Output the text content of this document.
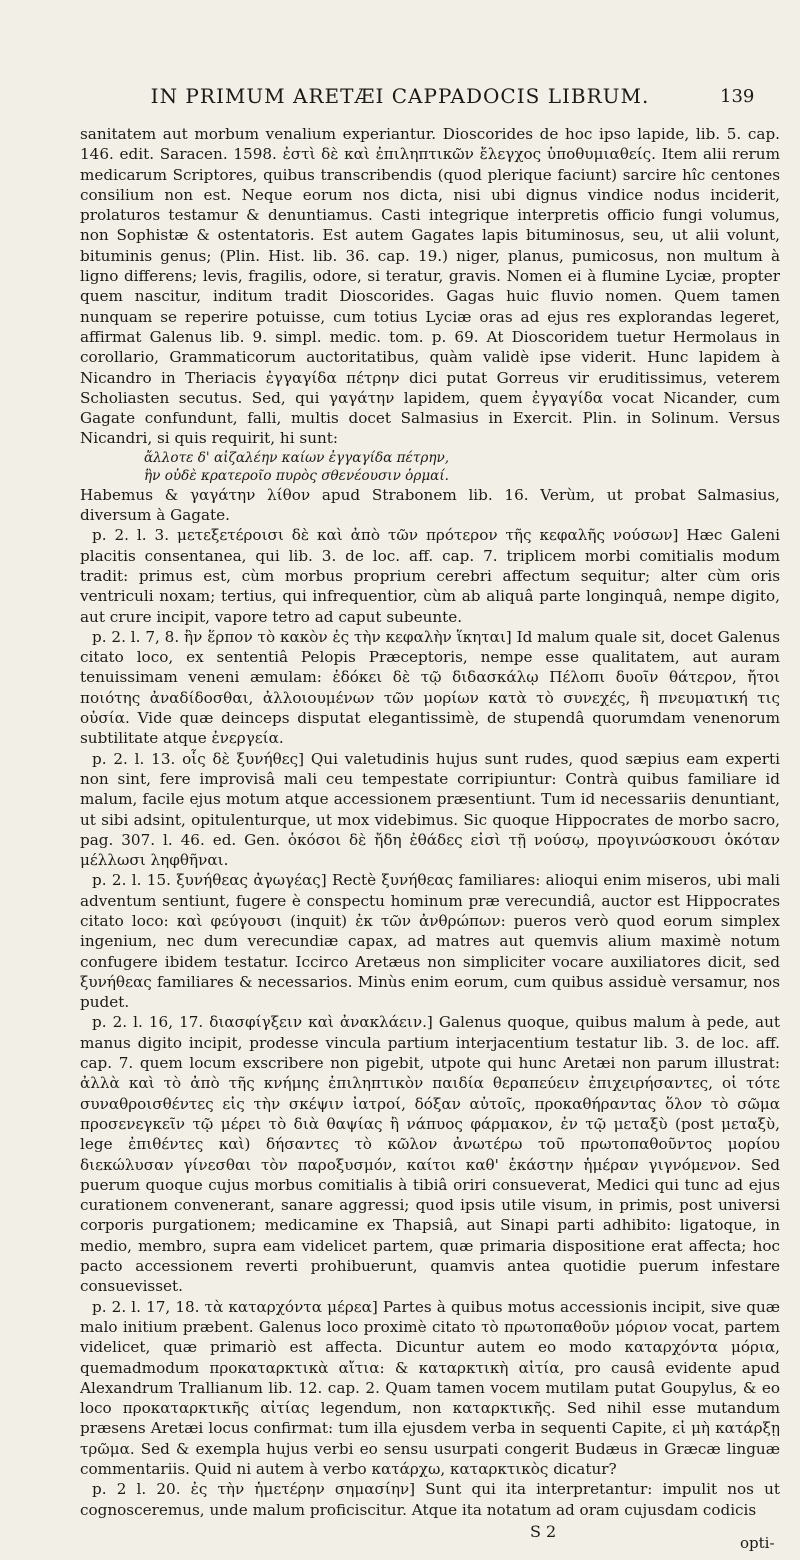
IN PRIMUM ARETÆI CAPPADOCIS LIBRUM.	139

sanitatem aut morbum venalium experiantur. Dioscorides de hoc ipso lapide, lib. 5. cap. 146. edit. Saracen. 1598. ἐστὶ δὲ καὶ ἐπιληπτικῶν ἔλεγχος ὑποθυμιαθείς. Item alii rerum medicarum Scriptores, quibus transcribendis (quod plerique faciunt) sarcire hîc centones consilium non est. Neque eorum nos dicta, nisi ubi dignus vindice nodus inciderit, prolaturos testamur & denuntiamus. Casti integrique interpretis officio fungi volumus, non Sophistæ & ostentatoris. Est autem Gagates lapis bituminosus, seu, ut alii volunt, bituminis genus; (Plin. Hist. lib. 36. cap. 19.) niger, planus, pumicosus, non multum à ligno differens; levis, fragilis, odore, si teratur, gravis. Nomen ei à flumine Lyciæ, propter quem nascitur, inditum tradit Dioscorides. Gagas huic fluvio nomen. Quem tamen nunquam se reperire potuisse, cum totius Lyciæ oras ad ejus res explorandas legeret, affirmat Galenus lib. 9. simpl. medic. tom. p. 69. At Dioscoridem tuetur Hermolaus in corollario, Grammaticorum auctoritatibus, quàm validè ipse viderit. Hunc lapidem à Nicandro in Theriacis ἐγγαγίδα πέτρην dici putat Gorreus vir eruditissimus, veterem Scholiasten secutus. Sed, qui γαγάτην lapidem, quem ἐγγαγίδα vocat Nicander, cum Gagate confundunt, falli, multis docet Salmasius in Exercit. Plin. in Solinum. Versus Nicandri, si quis requirit, hi sunt:

ἄλλοτε δ' αἰζαλέην καίων ἐγγαγίδα πέτρην,

ἣν οὐδὲ κρατεροῖο πυρὸς σθενέουσιν ὁρμαί.

Habemus & γαγάτην λίθον apud Strabonem lib. 16. Verùm, ut probat Salmasius, diversum à Gagate.

p. 2. l. 3. μετεξετέροισι δὲ καὶ ἀπὸ τῶν πρότερον τῆς κεφαλῆς νούσων] Hæc Galeni placitis consentanea, qui lib. 3. de loc. aff. cap. 7. triplicem morbi comitialis modum tradit: primus est, cùm morbus proprium cerebri affectum sequitur; alter cùm oris ventriculi noxam; tertius, qui infrequentior, cùm ab aliquâ parte longinquâ, nempe digito, aut crure incipit, vapore tetro ad caput subeunte.

p. 2. l. 7, 8. ἢν ἕρπον τὸ κακὸν ἐς τὴν κεφαλὴν ἵκηται] Id malum quale sit, docet Galenus citato loco, ex sententiâ Pelopis Præceptoris, nempe esse qualitatem, aut auram tenuissimam veneni æmulam: ἐδόκει δὲ τῷ διδασκάλῳ Πέλοπι δυοῖν θάτερον, ἤτοι ποιότης ἀναδίδοσθαι, ἀλλοιουμένων τῶν μορίων κατὰ τὸ συνεχές, ἢ πνευματική τις οὐσία. Vide quæ deinceps disputat elegantissimè, de stupendâ quorumdam venenorum subtilitate atque ἐνεργεία.

p. 2. l. 13. οἷς δὲ ξυνήθες] Qui valetudinis hujus sunt rudes, quod sæpius eam experti non sint, fere improvisâ mali ceu tempestate corripiuntur: Contrà quibus familiare id malum, facile ejus motum atque accessionem præsentiunt. Tum id necessariis denuntiant, ut sibi adsint, opitulenturque, ut mox videbimus. Sic quoque Hippocrates de morbo sacro, pag. 307. l. 46. ed. Gen. ὁκόσοι δὲ ἤδη ἐθάδες εἰσὶ τῇ νούσῳ, προγινώσκουσι ὁκόταν μέλλωσι ληφθῆναι.

p. 2. l. 15. ξυνήθεας ἀγωγέας] Rectè ξυνήθεας familiares: alioqui enim miseros, ubi mali adventum sentiunt, fugere è conspectu hominum præ verecundiâ, auctor est Hippocrates citato loco: καὶ φεύγουσι (inquit) ἐκ τῶν ἀνθρώπων: pueros verò quod eorum simplex ingenium, nec dum verecundiæ capax, ad matres aut quemvis alium maximè notum confugere ibidem testatur. Iccirco Aretæus non simpliciter vocare auxiliatores dicit, sed ξυνήθεας familiares & necessarios. Minùs enim eorum, cum quibus assiduè versamur, nos pudet.

p. 2. l. 16, 17. διασφίγξειν καὶ ἀνακλάειν.] Galenus quoque, quibus malum à pede, aut manus digito incipit, prodesse vincula partium interjacentium testatur lib. 3. de loc. aff. cap. 7. quem locum exscribere non pigebit, utpote qui hunc Aretæi non parum illustrat: ἀλλὰ καὶ τὸ ἀπὸ τῆς κνήμης ἐπιληπτικὸν παιδία θεραπεύειν ἐπιχειρήσαντες, οἱ τότε συναθροισθέντες εἰς τὴν σκέψιν ἰατροί, δόξαν αὐτοῖς, προκαθήραντας ὅλον τὸ σῶμα προσενεγκεῖν τῷ μέρει τὸ διὰ θαψίας ἢ νάπυος φάρμακον, ἐν τῷ μεταξὺ (post μεταξὺ, lege ἐπιθέντες καὶ) δήσαντες τὸ κῶλον ἀνωτέρω τοῦ πρωτοπαθοῦντος μορίου διεκώλυσαν γίνεσθαι τὸν παροξυσμόν, καίτοι καθ' ἑκάστην ἡμέραν γιγνόμενον. Sed puerum quoque cujus morbus comitialis à tibiâ oriri consueverat, Medici qui tunc ad ejus curationem convenerant, sanare aggressi; quod ipsis utile visum, in primis, post universi corporis purgationem; medicamine ex Thapsiâ, aut Sinapi parti adhibito: ligatoque, in medio, membro, supra eam videlicet partem, quæ primaria dispositione erat affecta; hoc pacto accessionem reverti prohibuerunt, quamvis antea quotidie puerum infestare consuevisset.

p. 2. l. 17, 18. τὰ καταρχόντα μέρεα] Partes à quibus motus accessionis incipit, sive quæ malo initium præbent. Galenus loco proximè citato τὸ πρωτοπαθοῦν μόριον vocat, partem videlicet, quæ primariò est affecta. Dicuntur autem eo modo καταρχόντα μόρια, quemadmodum προκαταρκτικὰ αἴτια: & καταρκτικὴ αἰτία, pro causâ evidente apud Alexandrum Trallianum lib. 12. cap. 2. Quam tamen vocem mutilam putat Goupylus, & eo loco προκαταρκτικῆς αἰτίας legendum, non καταρκτικῆς. Sed nihil esse mutandum præsens Aretæi locus confirmat: tum illa ejusdem verba in sequenti Capite, εἰ μὴ κατάρξῃ τρῶμα. Sed & exempla hujus verbi eo sensu usurpati congerit Budæus in Græcæ linguæ commentariis. Quid ni autem à verbo κατάρχω, καταρκτικὸς dicatur?

p. 2 l. 20. ἐς τὴν ἡμετέρην σημασίην] Sunt qui ita interpretantur: impulit nos ut cognosceremus, unde malum proficiscitur. Atque ita notatum ad oram cujusdam codicis

S 2
opti-
